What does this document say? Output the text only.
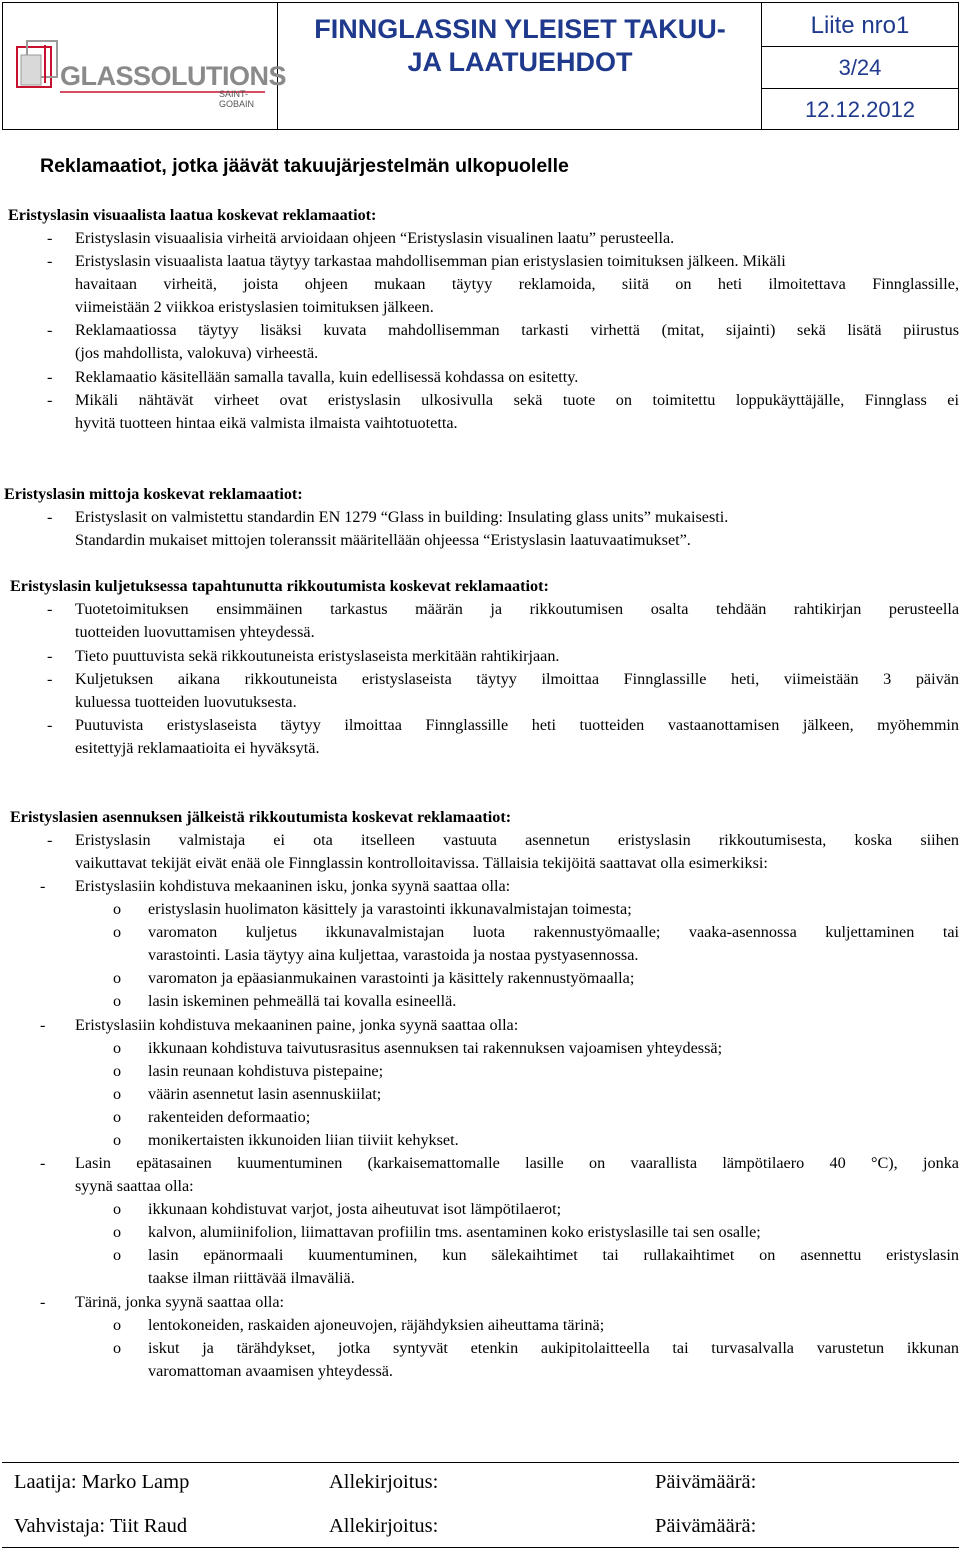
GLASSOLUTIONS
SAINT-GOBAIN
FINNGLASSIN YLEISET TAKUU-
JA LAATUEHDOT
Liite nro1
3/24
12.12.2012
Reklamaatiot, jotka jäävät takuujärjestelmän ulkopuolelle
Eristyslasin visuaalista laatua koskevat reklamaatiot:
- Eristyslasin visuaalisia virheitä arvioidaan ohjeen “Eristyslasin visualinen laatu” perusteella.
- Eristyslasin visuaalista laatua täytyy tarkastaa mahdollisemman pian eristyslasien toimituksen jälkeen. Mikäli
havaitaan virheitä, joista ohjeen mukaan täytyy reklamoida, siitä on heti ilmoitettava Finnglassille,
viimeistään 2 viikkoa eristyslasien toimituksen jälkeen.
- Reklamaatiossa täytyy lisäksi kuvata mahdollisemman tarkasti virhettä (mitat, sijainti) sekä lisätä piirustus
(jos mahdollista, valokuva) virheestä.
- Reklamaatio käsitellään samalla tavalla, kuin edellisessä kohdassa on esitetty.
- Mikäli nähtävät virheet ovat eristyslasin ulkosivulla sekä tuote on toimitettu loppukäyttäjälle, Finnglass ei
hyvitä tuotteen hintaa eikä valmista ilmaista vaihtotuotetta.
Eristyslasin mittoja koskevat reklamaatiot:
- Eristyslasit on valmistettu standardin EN 1279 “Glass in building: Insulating glass units” mukaisesti.
Standardin mukaiset mittojen toleranssit määritellään ohjeessa “Eristyslasin laatuvaatimukset”.
Eristyslasin kuljetuksessa tapahtunutta rikkoutumista koskevat reklamaatiot:
- Tuotetoimituksen ensimmäinen tarkastus määrän ja rikkoutumisen osalta tehdään rahtikirjan perusteella
tuotteiden luovuttamisen yhteydessä.
- Tieto puuttuvista sekä rikkoutuneista eristyslaseista merkitään rahtikirjaan.
- Kuljetuksen aikana rikkoutuneista eristyslaseista täytyy ilmoittaa Finnglassille heti, viimeistään 3 päivän
kuluessa tuotteiden luovutuksesta.
- Puutuvista eristyslaseista täytyy ilmoittaa Finnglassille heti tuotteiden vastaanottamisen jälkeen, myöhemmin
esitettyjä reklamaatioita ei hyväksytä.
Eristyslasien asennuksen jälkeistä rikkoutumista koskevat reklamaatiot:
- Eristyslasin valmistaja ei ota itselleen vastuuta asennetun eristyslasin rikkoutumisesta, koska siihen
vaikuttavat tekijät eivät enää ole Finnglassin kontrolloitavissa. Tällaisia tekijöitä saattavat olla esimerkiksi:
- Eristyslasiin kohdistuva mekaaninen isku, jonka syynä saattaa olla:
o eristyslasin huolimaton käsittely ja varastointi ikkunavalmistajan toimesta;
o varomaton kuljetus ikkunavalmistajan luota rakennustyömaalle; vaaka-asennossa kuljettaminen tai
varastointi. Lasia täytyy aina kuljettaa, varastoida ja nostaa pystyasennossa.
o varomaton ja epäasianmukainen varastointi ja käsittely rakennustyömaalla;
o lasin iskeminen pehmeällä tai kovalla esineellä.
- Eristyslasiin kohdistuva mekaaninen paine, jonka syynä saattaa olla:
o ikkunaan kohdistuva taivutusrasitus asennuksen tai rakennuksen vajoamisen yhteydessä;
o lasin reunaan kohdistuva pistepaine;
o väärin asennetut lasin asennuskiilat;
o rakenteiden deformaatio;
o monikertaisten ikkunoiden liian tiiviit kehykset.
- Lasin epätasainen kuumentuminen (karkaisemattomalle lasille on vaarallista lämpötilaero 40 °C), jonka
syynä saattaa olla:
o ikkunaan kohdistuvat varjot, josta aiheutuvat isot lämpötilaerot;
o kalvon, alumiinifolion, liimattavan profiilin tms. asentaminen koko eristyslasille tai sen osalle;
o lasin epänormaali kuumentuminen, kun sälekaihtimet tai rullakaihtimet on asennettu eristyslasin
taakse ilman riittävää ilmaväliä.
- Tärinä, jonka syynä saattaa olla:
o lentokoneiden, raskaiden ajoneuvojen, räjähdyksien aiheuttama tärinä;
o iskut ja tärähdykset, jotka syntyvät etenkin aukipitolaitteella tai turvasalvalla varustetun ikkunan
varomattoman avaamisen yhteydessä.
Laatija: Marko Lamp	Allekirjoitus:	Päivämäärä:
Vahvistaja: Tiit Raud	Allekirjoitus:	Päivämäärä:
